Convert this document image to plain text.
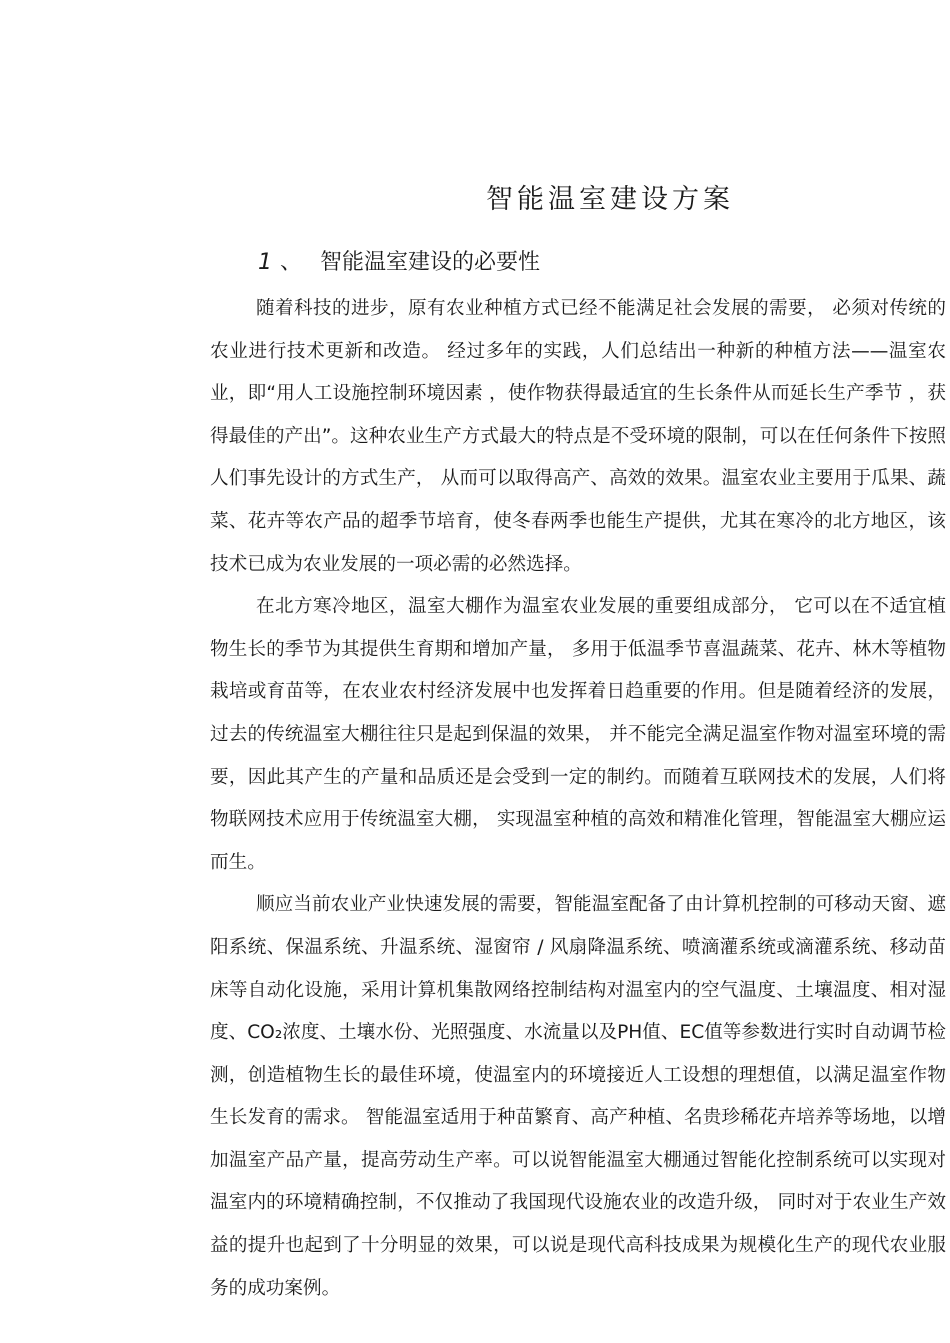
智能温室建设方案
1 、 智能温室建设的必要性

随着科技的进步，原有农业种植方式已经不能满足社会发展的需要， 必须对传统的农业进行技术更新和改造。 经过多年的实践，人们总结出一种新的种植方法——温室农业，即“用人工设施控制环境因素 ，使作物获得最适宜的生长条件从而延长生产季节 ，获得最佳的产出”。这种农业生产方式最大的特点是不受环境的限制，可以在任何条件下按照人们事先设计的方式生产， 从而可以取得高产、高效的效果。温室农业主要用于瓜果、蔬菜、花卉等农产品的超季节培育，使冬春两季也能生产提供，尤其在寒冷的北方地区，该技术已成为农业发展的一项必需的必然选择。

在北方寒冷地区，温室大棚作为温室农业发展的重要组成部分， 它可以在不适宜植物生长的季节为其提供生育期和增加产量， 多用于低温季节喜温蔬菜、花卉、林木等植物栽培或育苗等，在农业农村经济发展中也发挥着日趋重要的作用。但是随着经济的发展，过去的传统温室大棚往往只是起到保温的效果， 并不能完全满足温室作物对温室环境的需要，因此其产生的产量和品质还是会受到一定的制约。而随着互联网技术的发展，人们将物联网技术应用于传统温室大棚， 实现温室种植的高效和精准化管理，智能温室大棚应运而生。

顺应当前农业产业快速发展的需要，智能温室配备了由计算机控制的可移动天窗、遮阳系统、保温系统、升温系统、湿窗帘 / 风扇降温系统、喷滴灌系统或滴灌系统、移动苗床等自动化设施，采用计算机集散网络控制结构对温室内的空气温度、土壤温度、相对湿度、CO₂浓度、土壤水份、光照强度、水流量以及PH值、EC值等参数进行实时自动调节检测，创造植物生长的最佳环境，使温室内的环境接近人工设想的理想值，以满足温室作物生长发育的需求。 智能温室适用于种苗繁育、高产种植、名贵珍稀花卉培养等场地，以增加温室产品产量，提高劳动生产率。可以说智能温室大棚通过智能化控制系统可以实现对温室内的环境精确控制，不仅推动了我国现代设施农业的改造升级， 同时对于农业生产效益的提升也起到了十分明显的效果，可以说是现代高科技成果为规模化生产的现代农业服务的成功案例。
